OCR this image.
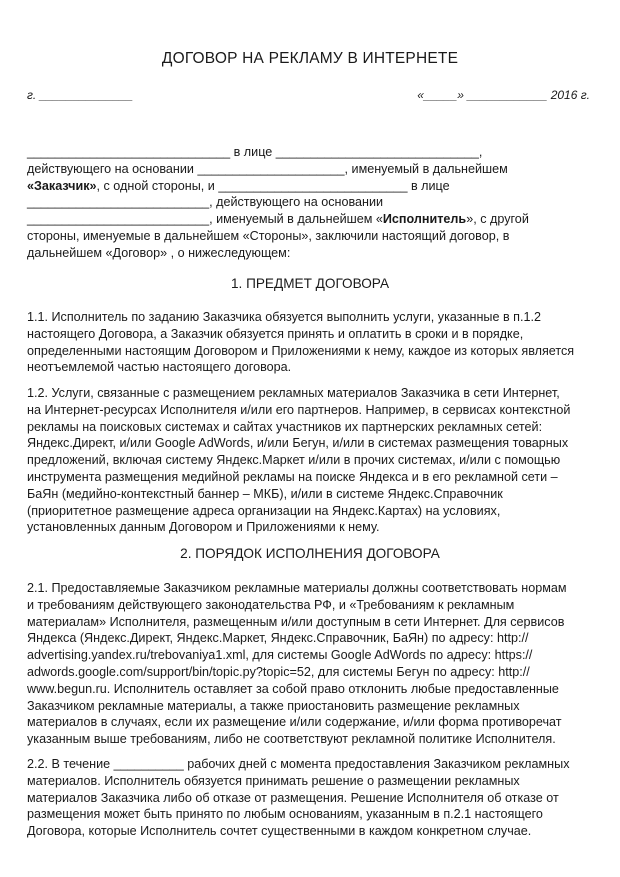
ДОГОВОР НА РЕКЛАМУ В ИНТЕРНЕТЕ
г. ______________	«_____» ____________ 2016 г.
_____________________________ в лице _____________________________,
действующего на основании _____________________, именуемый в дальнейшем
«Заказчик», с одной стороны, и ___________________________ в лице
__________________________, действующего на основании
__________________________, именуемый в дальнейшем «Исполнитель», с другой
стороны, именуемые в дальнейшем «Стороны», заключили настоящий договор, в
дальнейшем «Договор» , о нижеследующем:
1. ПРЕДМЕТ ДОГОВОРА
1.1. Исполнитель по заданию Заказчика обязуется выполнить услуги, указанные в п.1.2
настоящего Договора, а Заказчик обязуется принять и оплатить в сроки и в порядке,
определенными настоящим Договором и Приложениями к нему, каждое из которых является
неотъемлемой частью настоящего договора.
1.2. Услуги, связанные с размещением рекламных материалов Заказчика в сети Интернет,
на Интернет-ресурсах Исполнителя и/или его партнеров. Например, в сервисах контекстной
рекламы на поисковых системах и сайтах участников их партнерских рекламных сетей:
Яндекс.Директ, и/или Google AdWords, и/или Бегун, и/или в системах размещения товарных
предложений, включая систему Яндекс.Маркет и/или в прочих системах, и/или с помощью
инструмента размещения медийной рекламы на поиске Яндекса и в его рекламной сети –
БаЯн (медийно-контекстный баннер – МКБ), и/или в системе Яндекс.Справочник
(приоритетное размещение адреса организации на Яндекс.Картах) на условиях,
установленных данным Договором и Приложениями к нему.
2. ПОРЯДОК ИСПОЛНЕНИЯ ДОГОВОРА
2.1. Предоставляемые Заказчиком рекламные материалы должны соответствовать нормам
и требованиям действующего законодательства РФ, и «Требованиям к рекламным
материалам» Исполнителя, размещенным и/или доступным в сети Интернет. Для сервисов
Яндекса (Яндекс.Директ, Яндекс.Маркет, Яндекс.Справочник, БаЯн) по адресу: http://
advertising.yandex.ru/trebovaniya1.xml, для системы Google AdWords по адресу: https://
adwords.google.com/support/bin/topic.py?topic=52, для системы Бегун по адресу: http://
www.begun.ru. Исполнитель оставляет за собой право отклонить любые предоставленные
Заказчиком рекламные материалы, а также приостановить размещение рекламных
материалов в случаях, если их размещение и/или содержание, и/или форма противоречат
указанным выше требованиям, либо не соответствуют рекламной политике Исполнителя.
2.2. В течение __________ рабочих дней с момента предоставления Заказчиком рекламных
материалов. Исполнитель обязуется принимать решение о размещении рекламных
материалов Заказчика либо об отказе от размещения. Решение Исполнителя об отказе от
размещения может быть принято по любым основаниям, указанным в п.2.1 настоящего
Договора, которые Исполнитель сочтет существенными в каждом конкретном случае.
